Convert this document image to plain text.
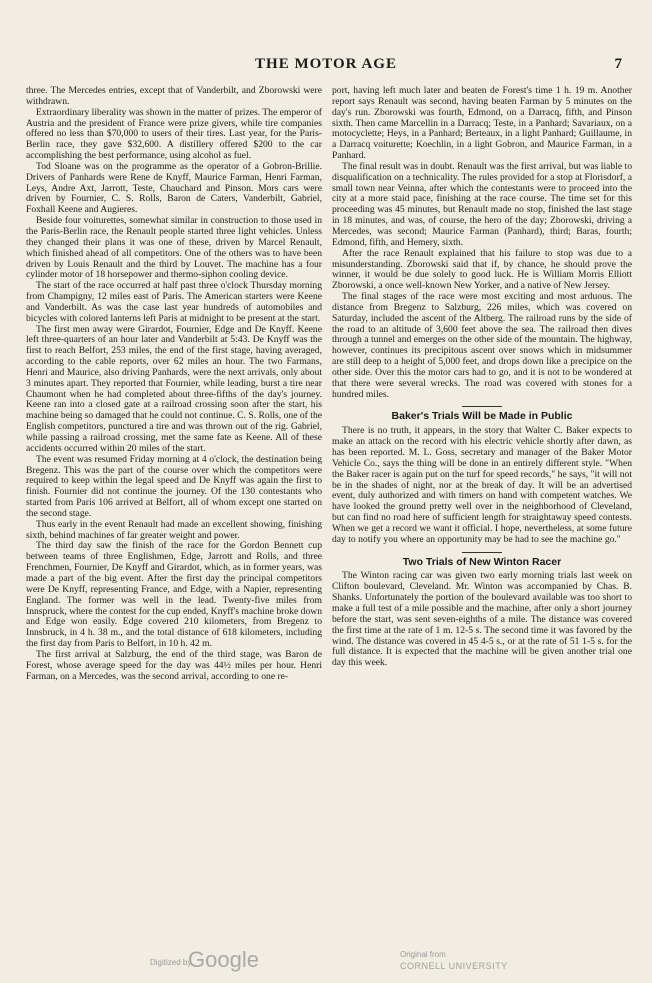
THE MOTOR AGE	7

three. The Mercedes entries, except that of Vanderbilt, and Zborowski were withdrawn.

Extraordinary liberality was shown in the matter of prizes. The emperor of Austria and the president of France were prize givers, while tire companies offered no less than $70,000 to users of their tires. Last year, for the Paris-Berlin race, they gave $32,600. A distillery offered $200 to the car accomplishing the best performance, using alcohol as fuel.

Tod Sloane was on the programme as the operator of a Gobron-Brillie. Drivers of Panhards were Rene de Knyff, Maurice Farman, Henri Farman, Leys, Andre Axt, Jarrott, Teste, Chauchard and Pinson. Mors cars were driven by Fournier, C. S. Rolls, Baron de Caters, Vanderbilt, Gabriel, Foxhall Keene and Augieres.

Beside four voiturettes, somewhat similar in construction to those used in the Paris-Berlin race, the Renault people started three light vehicles. Unless they changed their plans it was one of these, driven by Marcel Renault, which finished ahead of all competitors. One of the others was to have been driven by Louis Renault and the third by Louvet. The machine has a four cylinder motor of 18 horsepower and thermo-siphon cooling device.

The start of the race occurred at half past three o'clock Thursday morning from Champigny, 12 miles east of Paris. The American starters were Keene and Vanderbilt. As was the case last year hundreds of automobiles and bicycles with colored lanterns left Paris at midnight to be present at the start.

The first men away were Girardot, Fournier, Edge and De Knyff. Keene left three-quarters of an hour later and Vanderbilt at 5:43. De Knyff was the first to reach Belfort, 253 miles, the end of the first stage, having averaged, according to the cable reports, over 62 miles an hour. The two Farmans, Henri and Maurice, also driving Panhards, were the next arrivals, only about 3 minutes apart. They reported that Fournier, while leading, burst a tire near Chaumont when he had completed about three-fifths of the day's journey. Keene ran into a closed gate at a railroad crossing soon after the start, his machine being so damaged that he could not continue. C. S. Rolls, one of the English competitors, punctured a tire and was thrown out of the rig. Gabriel, while passing a railroad crossing, met the same fate as Keene. All of these accidents occurred within 20 miles of the start.

The event was resumed Friday morning at 4 o'clock, the destination being Bregenz. This was the part of the course over which the competitors were required to keep within the legal speed and De Knyff was again the first to finish. Fournier did not continue the journey. Of the 130 contestants who started from Paris 106 arrived at Belfort, all of whom except one started on the second stage.

Thus early in the event Renault had made an excellent showing, finishing sixth, behind machines of far greater weight and power.

The third day saw the finish of the race for the Gordon Bennett cup between teams of three Englishmen, Edge, Jarrott and Rolls, and three Frenchmen, Fournier, De Knyff and Girardot, which, as in former years, was made a part of the big event. After the first day the principal competitors were De Knyff, representing France, and Edge, with a Napier, representing England. The former was well in the lead. Twenty-five miles from Innspruck, where the contest for the cup ended, Knyff's machine broke down and Edge won easily. Edge covered 210 kilometers, from Bregenz to Innsbruck, in 4 h. 38 m., and the total distance of 618 kilometers, including the first day from Paris to Belfort, in 10 h. 42 m.

The first arrival at Salzburg, the end of the third stage, was Baron de Forest, whose average speed for the day was 44½ miles per hour. Henri Farman, on a Mercedes, was the second arrival, according to one re-

port, having left much later and beaten de Forest's time 1 h. 19 m. Another report says Renault was second, having beaten Farman by 5 minutes on the day's run. Zborowski was fourth, Edmond, on a Darracq, fifth, and Pinson sixth. Then came Marcellin in a Darracq; Teste, in a Panhard; Savariaux, on a motocyclette; Heys, in a Panhard; Berteaux, in a light Panhard; Guillaume, in a Darracq voiturette; Koechlin, in a light Gobron, and Maurice Farman, in a Panhard.

The final result was in doubt. Renault was the first arrival, but was liable to disqualification on a technicality. The rules provided for a stop at Florisdorf, a small town near Veinna, after which the contestants were to proceed into the city at a more staid pace, finishing at the race course. The time set for this proceeding was 45 minutes, but Renault made no stop, finished the last stage in 18 minutes, and was, of course, the hero of the day; Zborowski, driving a Mercedes, was second; Maurice Farman (Panhard), third; Baras, fourth; Edmond, fifth, and Hemery, sixth.

After the race Renault explained that his failure to stop was due to a misunderstanding. Zborowski said that if, by chance, he should prove the winner, it would be due solely to good luck. He is William Morris Elliott Zborowski, a once well-known New Yorker, and a native of New Jersey.

The final stages of the race were most exciting and most arduous. The distance from Bregenz to Salzburg, 226 miles, which was covered on Saturday, included the ascent of the Altberg. The railroad runs by the side of the road to an altitude of 3,600 feet above the sea. The railroad then dives through a tunnel and emerges on the other side of the mountain. The highway, however, continues its precipitous ascent over snows which in midsummer are still deep to a height of 5,000 feet, and drops down like a precipice on the other side. Over this the motor cars had to go, and it is not to be wondered at that there were several wrecks. The road was covered with stones for a hundred miles.

Baker's Trials Will be Made in Public

There is no truth, it appears, in the story that Walter C. Baker expects to make an attack on the record with his electric vehicle shortly after dawn, as has been reported. M. L. Goss, secretary and manager of the Baker Motor Vehicle Co., says the thing will be done in an entirely different style. "When the Baker racer is again put on the turf for speed records," he says, "it will not be in the shades of night, nor at the break of day. It will be an advertised event, duly authorized and with timers on hand with competent watches. We have looked the ground pretty well over in the neighborhood of Cleveland, but can find no road here of sufficient length for straightaway speed contests. When we get a record we want it official. I hope, nevertheless, at some future day to notify you where an opportunity may be had to see the machine go."

Two Trials of New Winton Racer

The Winton racing car was given two early morning trials last week on Clifton boulevard, Cleveland. Mr. Winton was accompanied by Chas. B. Shanks. Unfortunately the portion of the boulevard available was too short to make a full test of a mile possible and the machine, after only a short journey before the start, was sent seven-eighths of a mile. The distance was covered the first time at the rate of 1 m. 12-5 s. The second time it was favored by the wind. The distance was covered in 45 4-5 s., or at the rate of 51 1-5 s. for the full distance. It is expected that the machine will be given another trial one day this week.

Digitized by
Google	Original from
CORNELL UNIVERSITY
